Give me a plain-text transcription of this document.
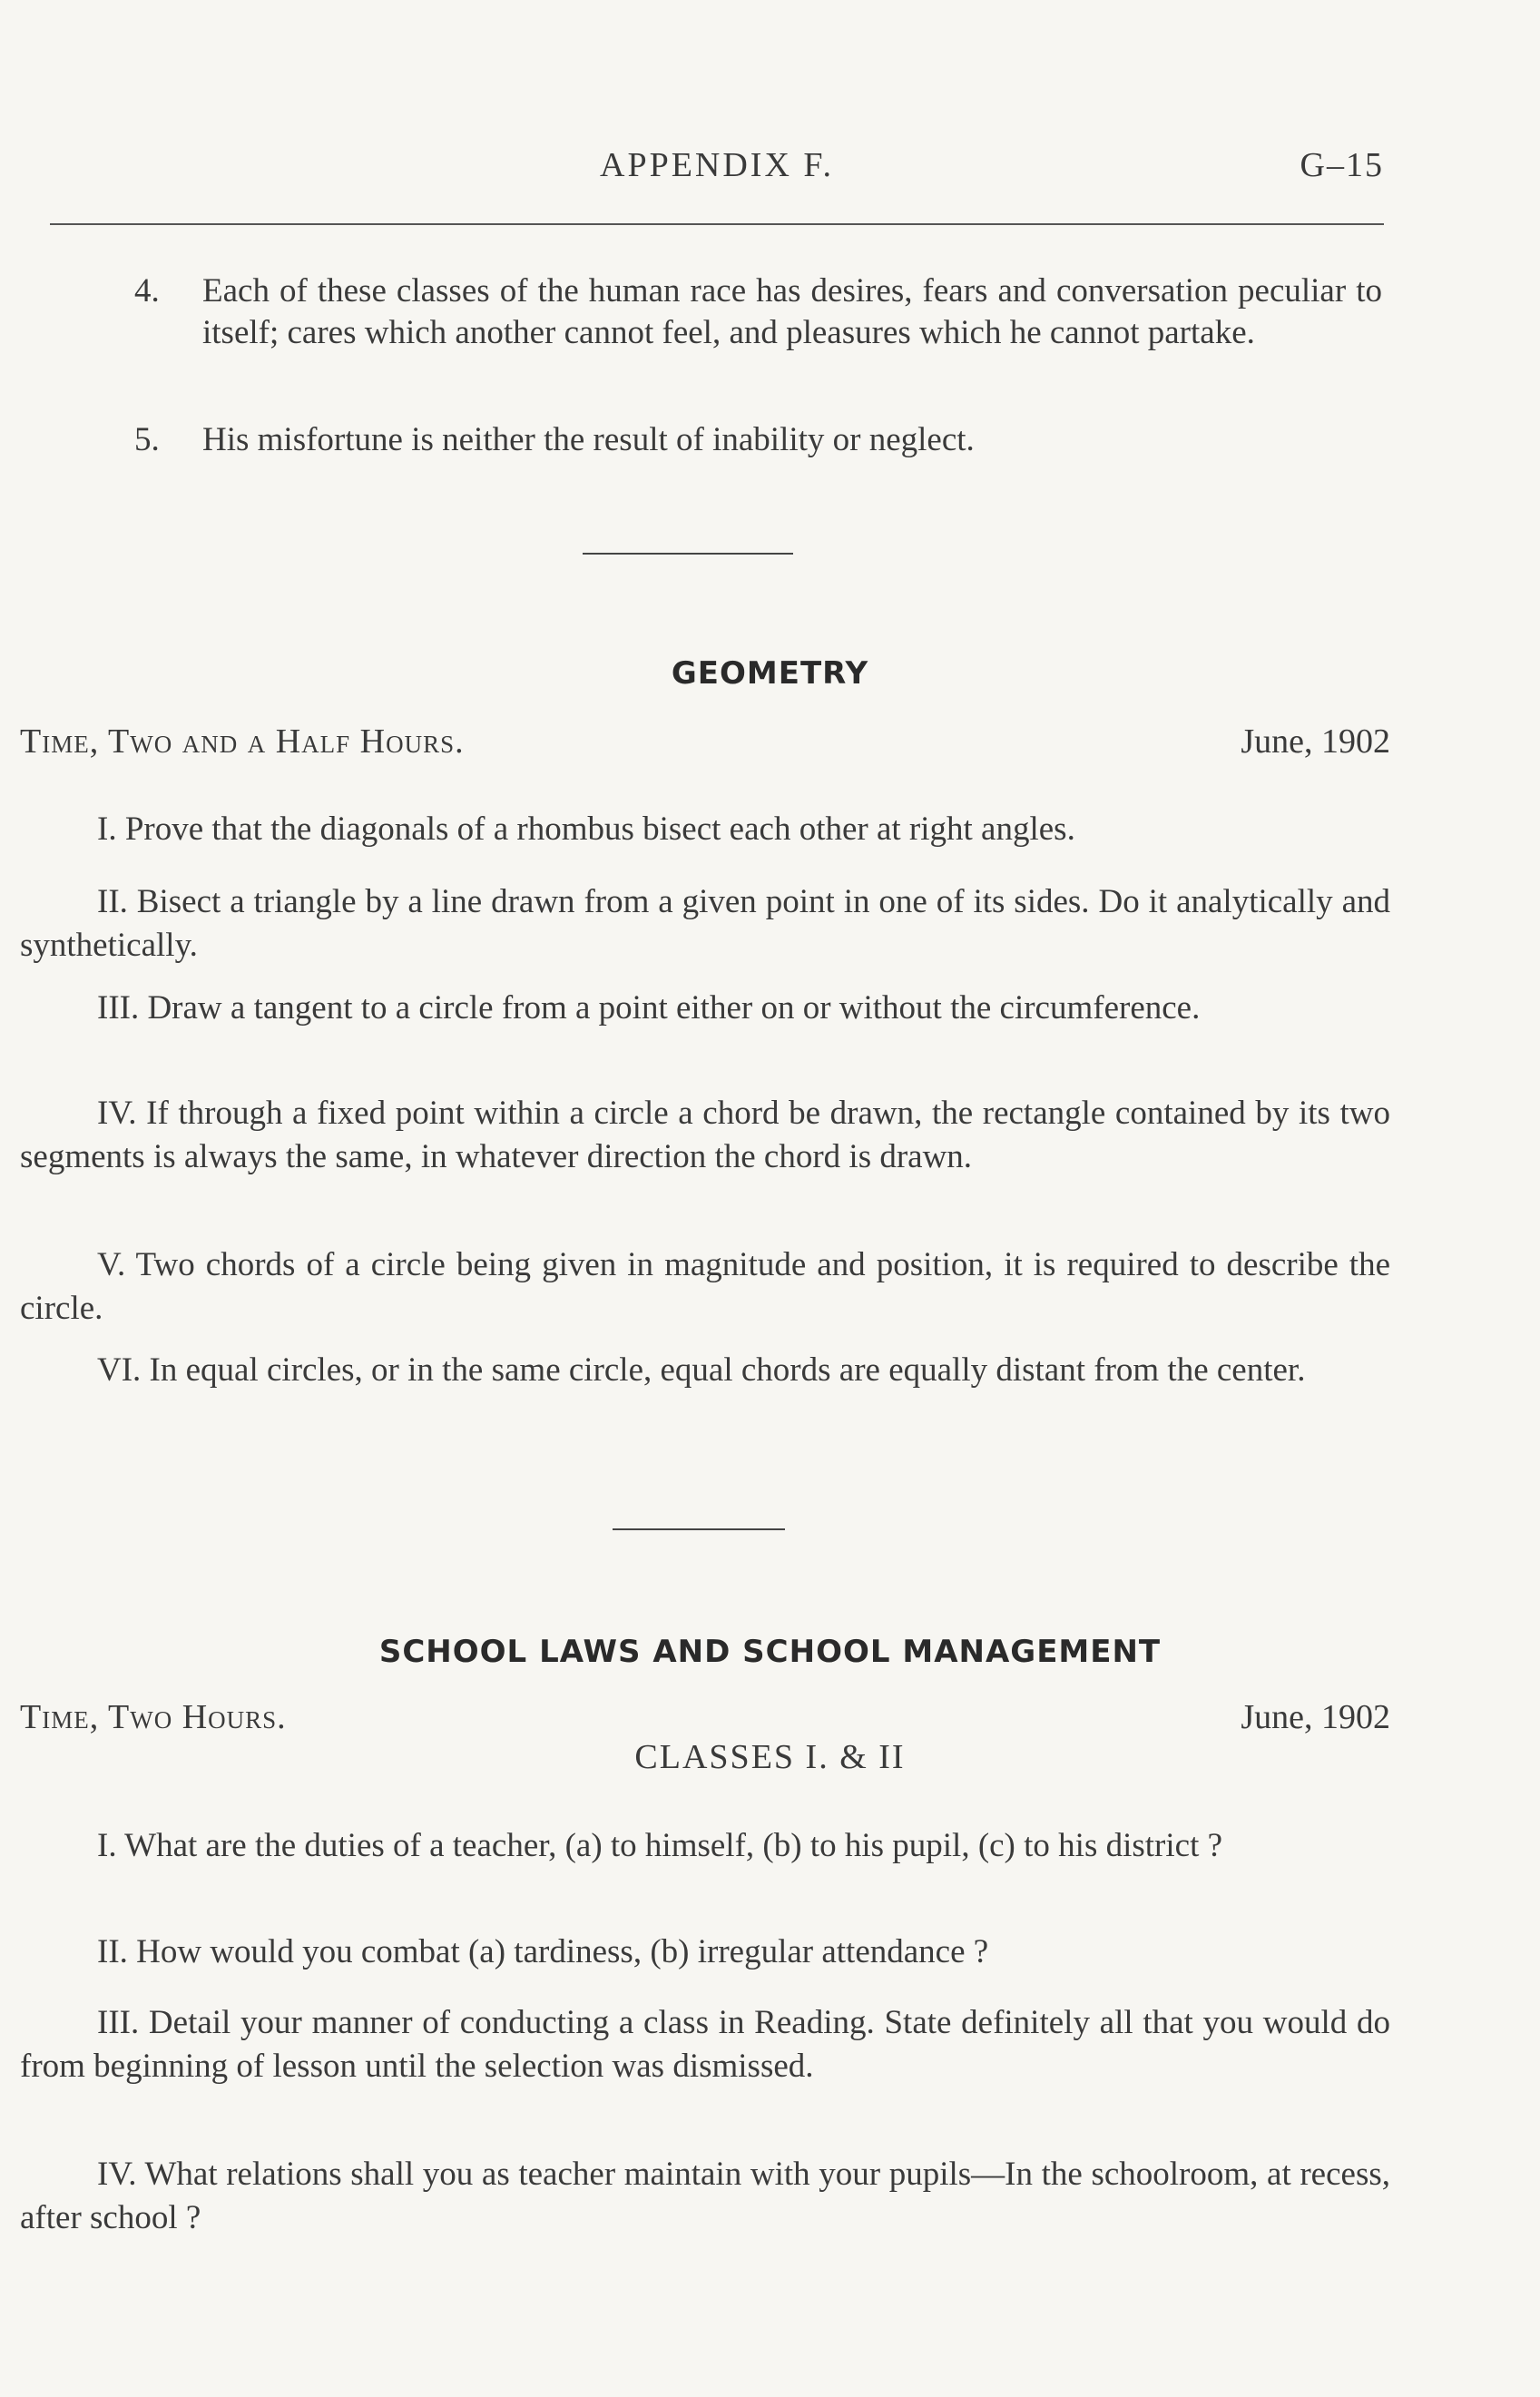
APPENDIX F.	G–15
4. Each of these classes of the human race has desires, fears and conversation peculiar to itself; cares which another cannot feel, and pleasures which he cannot partake.
5. His misfortune is neither the result of inability or neglect.
GEOMETRY
Time, Two and a Half Hours.	June, 1902
I. Prove that the diagonals of a rhombus bisect each other at right angles.
II. Bisect a triangle by a line drawn from a given point in one of its sides. Do it analytically and synthetically.
III. Draw a tangent to a circle from a point either on or without the circumference.
IV. If through a fixed point within a circle a chord be drawn, the rectangle contained by its two segments is always the same, in whatever direction the chord is drawn.
V. Two chords of a circle being given in magnitude and position, it is required to describe the circle.
VI. In equal circles, or in the same circle, equal chords are equally distant from the center.
SCHOOL LAWS AND SCHOOL MANAGEMENT
Time, Two Hours.	June, 1902
CLASSES I. & II
I. What are the duties of a teacher, (a) to himself, (b) to his pupil, (c) to his district ?
II. How would you combat (a) tardiness, (b) irregular attendance ?
III. Detail your manner of conducting a class in Reading. State definitely all that you would do from beginning of lesson until the selection was dismissed.
IV. What relations shall you as teacher maintain with your pupils—In the schoolroom, at recess, after school ?
